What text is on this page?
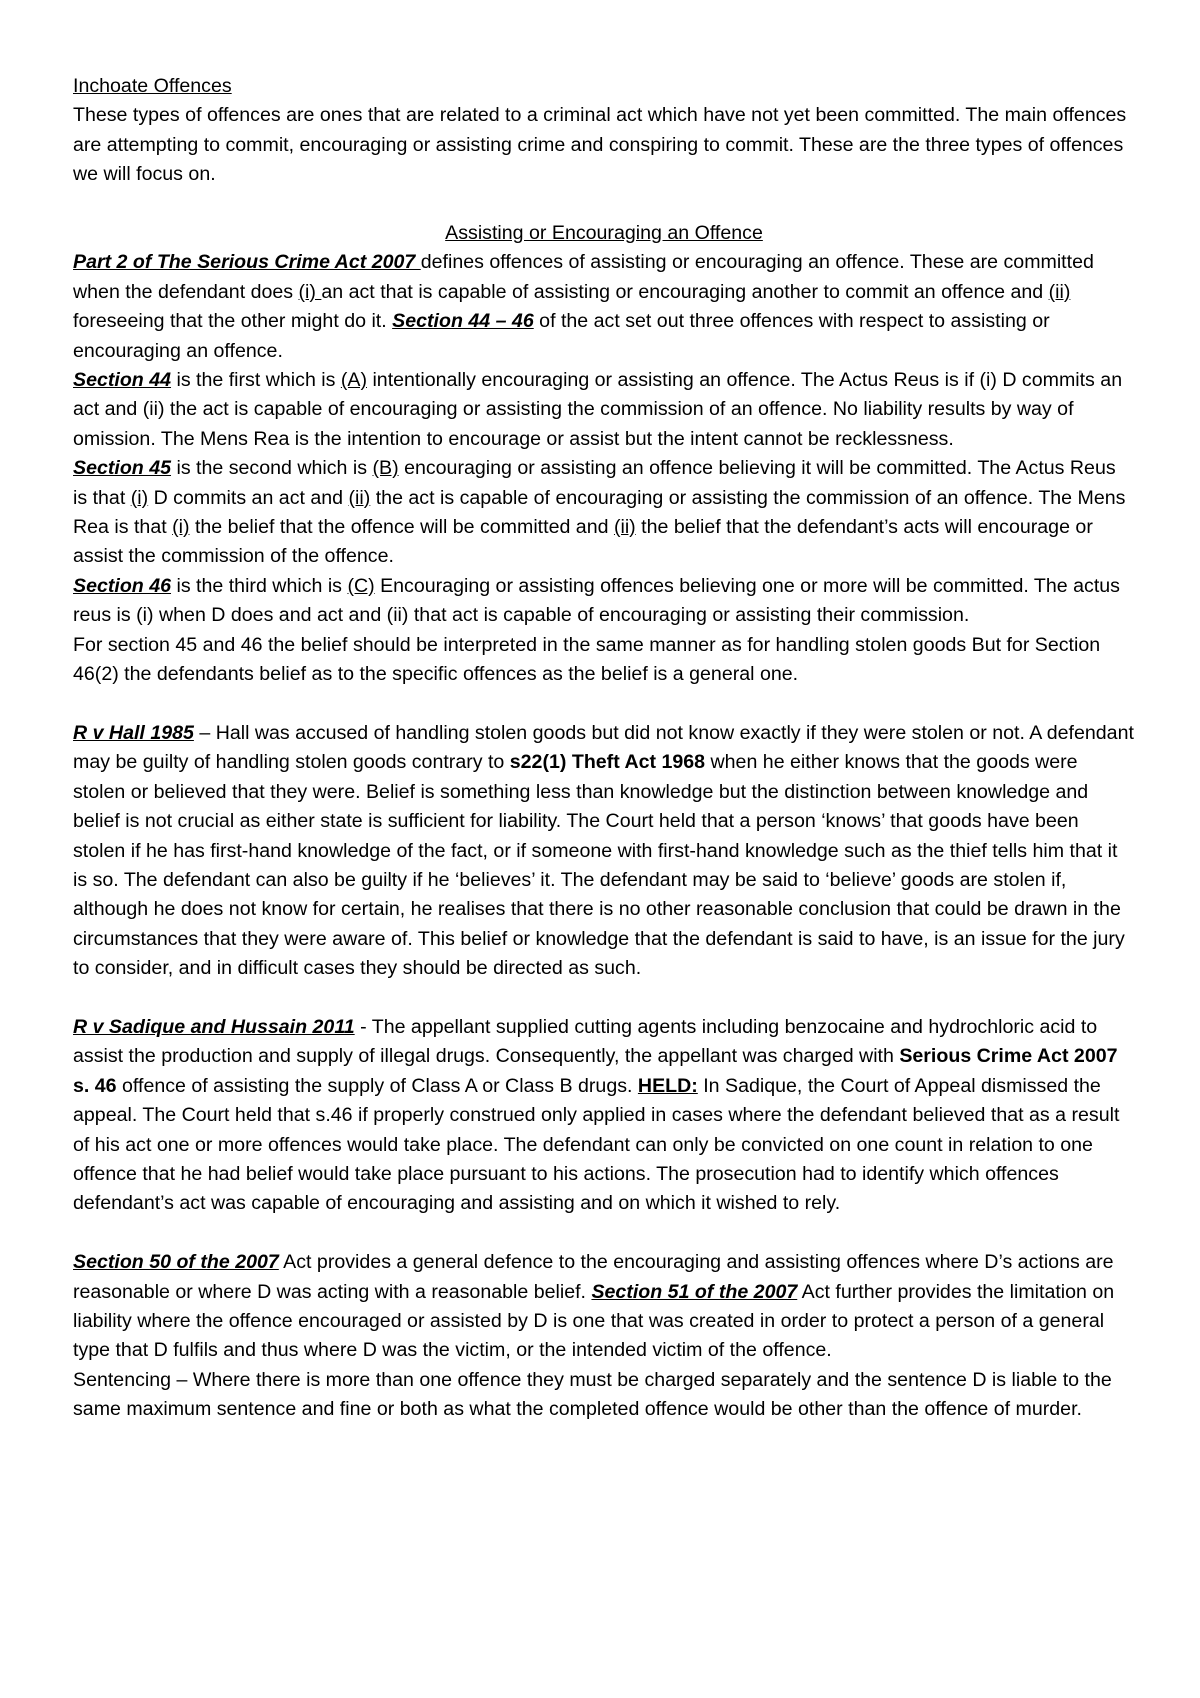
Inchoate Offences

These types of offences are ones that are related to a criminal act which have not yet been committed. The main offences are attempting to commit, encouraging or assisting crime and conspiring to commit. These are the three types of offences we will focus on.

Assisting or Encouraging an Offence

Part 2 of The Serious Crime Act 2007 defines offences of assisting or encouraging an offence. These are committed when the defendant does (i) an act that is capable of assisting or encouraging another to commit an offence and (ii) foreseeing that the other might do it. Section 44 – 46 of the act set out three offences with respect to assisting or encouraging an offence.

Section 44 is the first which is (A) intentionally encouraging or assisting an offence. The Actus Reus is if (i) D commits an act and (ii) the act is capable of encouraging or assisting the commission of an offence. No liability results by way of omission. The Mens Rea is the intention to encourage or assist but the intent cannot be recklessness.

Section 45 is the second which is (B) encouraging or assisting an offence believing it will be committed. The Actus Reus is that (i) D commits an act and (ii) the act is capable of encouraging or assisting the commission of an offence. The Mens Rea is that (i) the belief that the offence will be committed and (ii) the belief that the defendant’s acts will encourage or assist the commission of the offence.

Section 46 is the third which is (C) Encouraging or assisting offences believing one or more will be committed. The actus reus is (i) when D does and act and (ii) that act is capable of encouraging or assisting their commission.

For section 45 and 46 the belief should be interpreted in the same manner as for handling stolen goods But for Section 46(2) the defendants belief as to the specific offences as the belief is a general one.

R v Hall 1985 – Hall was accused of handling stolen goods but did not know exactly if they were stolen or not. A defendant may be guilty of handling stolen goods contrary to s22(1) Theft Act 1968 when he either knows that the goods were stolen or believed that they were. Belief is something less than knowledge but the distinction between knowledge and belief is not crucial as either state is sufficient for liability. The Court held that a person ‘knows’ that goods have been stolen if he has first-hand knowledge of the fact, or if someone with first-hand knowledge such as the thief tells him that it is so. The defendant can also be guilty if he ‘believes’ it. The defendant may be said to ‘believe’ goods are stolen if, although he does not know for certain, he realises that there is no other reasonable conclusion that could be drawn in the circumstances that they were aware of. This belief or knowledge that the defendant is said to have, is an issue for the jury to consider, and in difficult cases they should be directed as such.

R v Sadique and Hussain 2011 - The appellant supplied cutting agents including benzocaine and hydrochloric acid to assist the production and supply of illegal drugs. Consequently, the appellant was charged with Serious Crime Act 2007 s. 46 offence of assisting the supply of Class A or Class B drugs. HELD: In Sadique, the Court of Appeal dismissed the appeal. The Court held that s.46 if properly construed only applied in cases where the defendant believed that as a result of his act one or more offences would take place. The defendant can only be convicted on one count in relation to one offence that he had belief would take place pursuant to his actions. The prosecution had to identify which offences defendant’s act was capable of encouraging and assisting and on which it wished to rely.

Section 50 of the 2007 Act provides a general defence to the encouraging and assisting offences where D’s actions are reasonable or where D was acting with a reasonable belief. Section 51 of the 2007 Act further provides the limitation on liability where the offence encouraged or assisted by D is one that was created in order to protect a person of a general type that D fulfils and thus where D was the victim, or the intended victim of the offence.

Sentencing – Where there is more than one offence they must be charged separately and the sentence D is liable to the same maximum sentence and fine or both as what the completed offence would be other than the offence of murder.
